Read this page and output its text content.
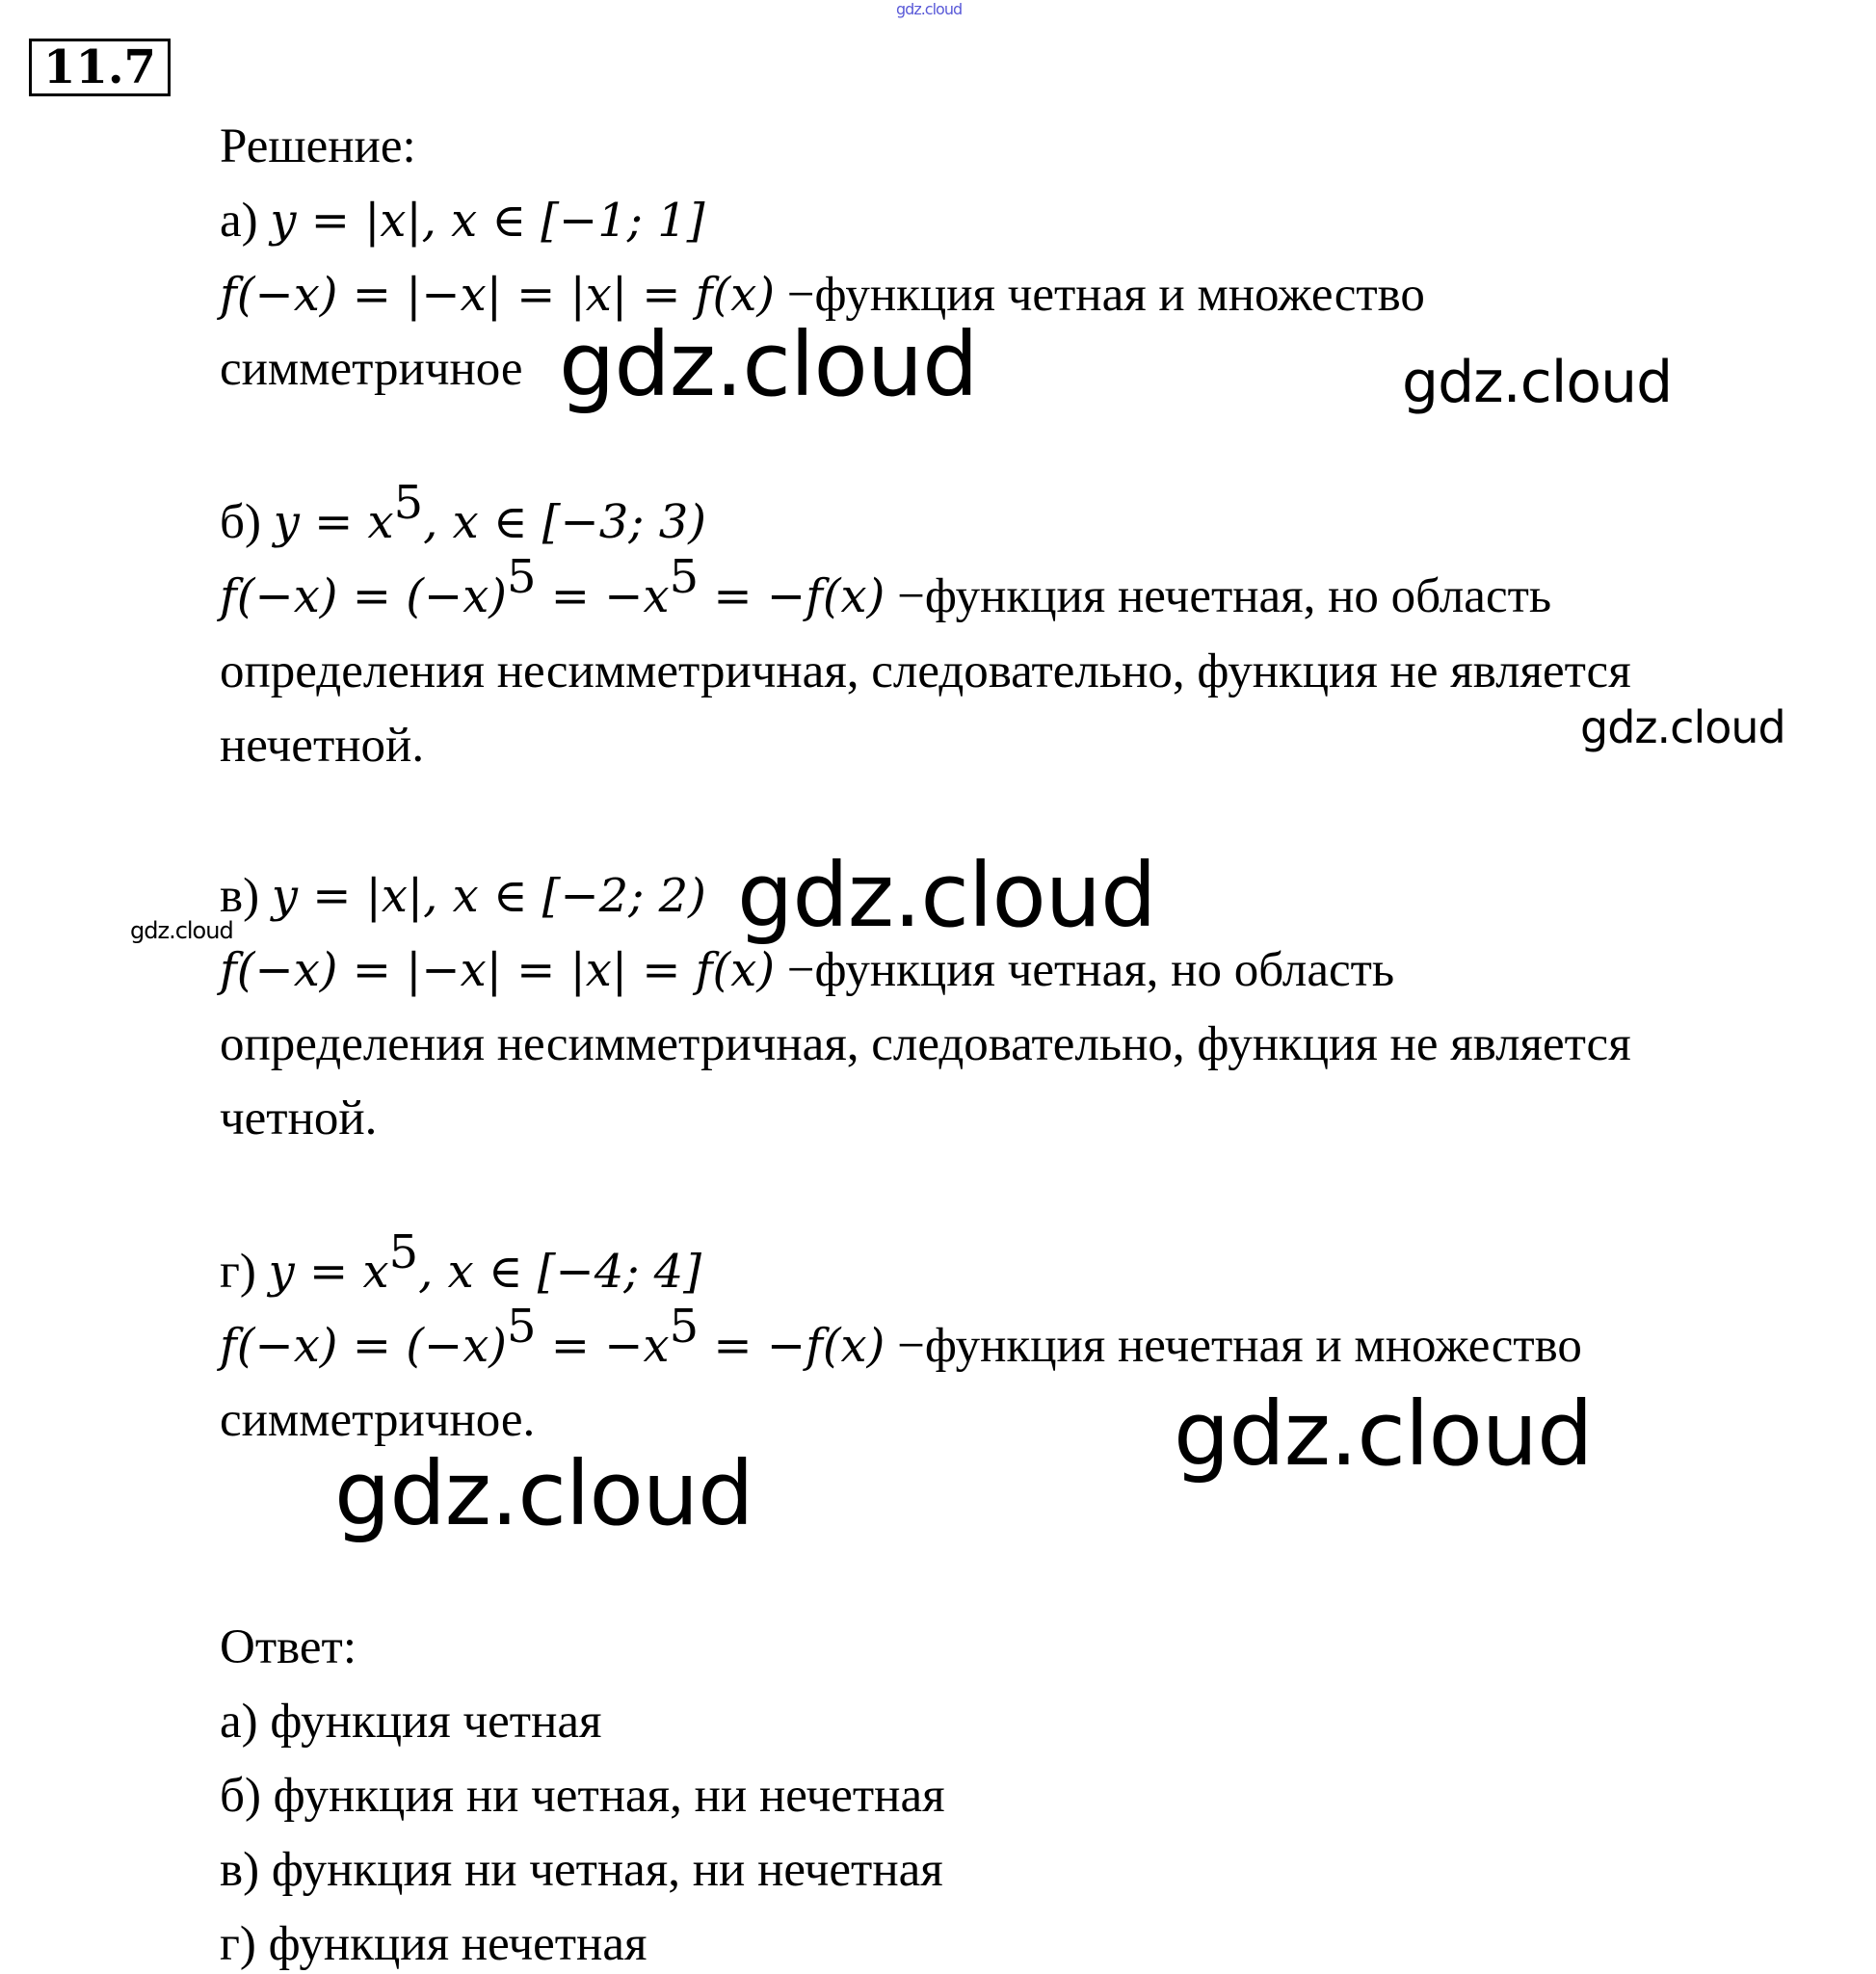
gdz.cloud
11.7
Решение:
а) y = |x|, x ∈ [−1; 1]
f(−x) = |−x| = |x| = f(x) −функция четная и множество
симметричное
б) $y = x^5$, x ∈ [−3; 3)
$f(-x) = (-x)^5 = -x^5 = -f(x)$ −функция нечетная, но область
определения несимметричная, следовательно, функция не является
нечетной.
в) y = |x|, x ∈ [−2; 2)
f(−x) = |−x| = |x| = f(x) −функция четная, но область
определения несимметричная, следовательно, функция не является
четной.
г) $y = x^5$, x ∈ [−4; 4]
$f(-x) = (-x)^5 = -x^5 = -f(x)$ −функция нечетная и множество
симметричное.
Ответ:
а) функция четная
б) функция ни четная, ни нечетная
в) функция ни четная, ни нечетная
г) функция нечетная
gdz.cloud	gdz.cloud
gdz.cloud
gdz.cloud
gdz.cloud
gdz.cloud
gdz.cloud
